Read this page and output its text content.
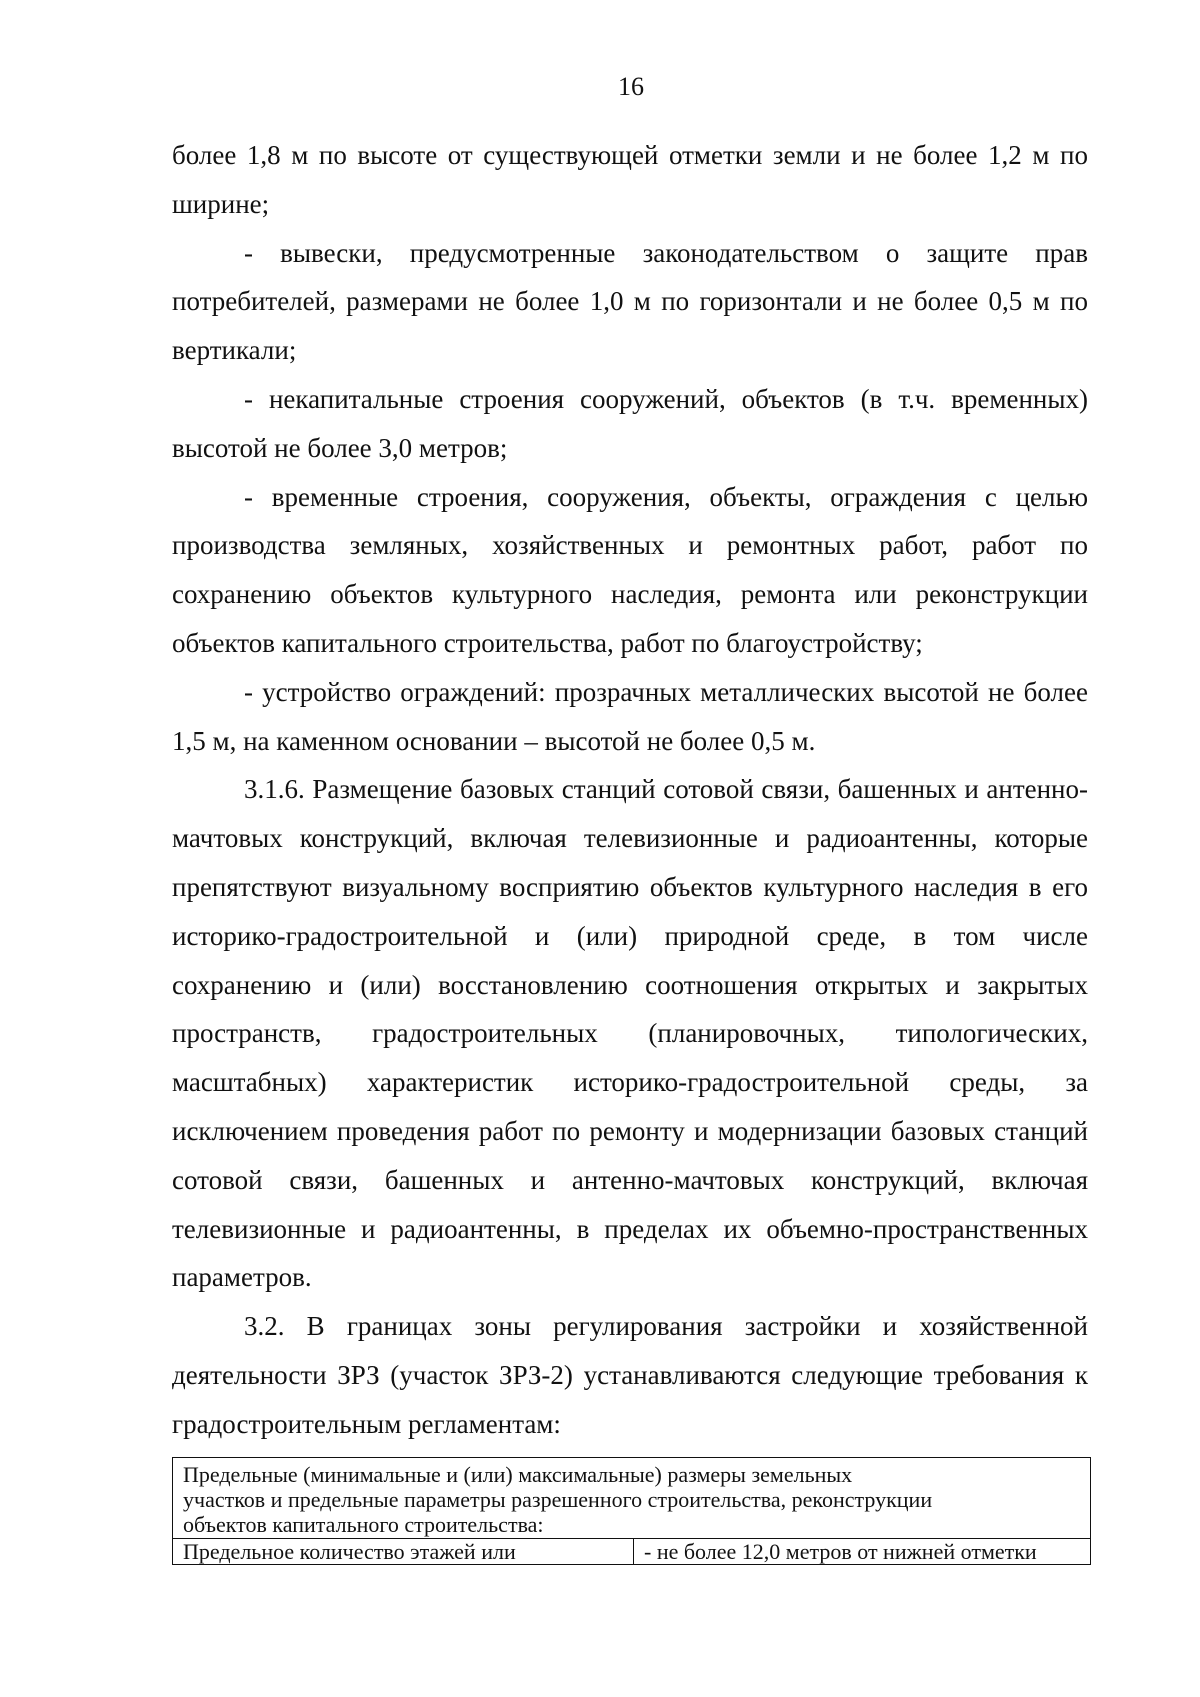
16

более 1,8 м по высоте от существующей отметки земли и не более 1,2 м по ширине;

- вывески, предусмотренные законодательством о защите прав потребителей, размерами не более 1,0 м по горизонтали и не более 0,5 м по вертикали;

- некапитальные строения сооружений, объектов (в т.ч. временных) высотой не более 3,0 метров;

- временные строения, сооружения, объекты, ограждения с целью производства земляных, хозяйственных и ремонтных работ, работ по сохранению объектов культурного наследия, ремонта или реконструкции объектов капитального строительства, работ по благоустройству;

- устройство ограждений: прозрачных металлических высотой не более 1,5 м, на каменном основании – высотой не более 0,5 м.

3.1.6. Размещение базовых станций сотовой связи, башенных и антенно-мачтовых конструкций, включая телевизионные и радиоантенны, которые препятствуют визуальному восприятию объектов культурного наследия в его историко-градостроительной и (или) природной среде, в том числе сохранению и (или) восстановлению соотношения открытых и закрытых пространств, градостроительных (планировочных, типологических, масштабных) характеристик историко-градостроительной среды, за исключением проведения работ по ремонту и модернизации базовых станций сотовой связи, башенных и антенно-мачтовых конструкций, включая телевизионные и радиоантенны, в пределах их объемно-пространственных параметров.

3.2. В границах зоны регулирования застройки и хозяйственной деятельности ЗРЗ (участок ЗРЗ-2) устанавливаются следующие требования к градостроительным регламентам:

Предельные (минимальные и (или) максимальные) размеры земельных
участков и предельные параметры разрешенного строительства, реконструкции
объектов капитального строительства:

Предельное количество этажей или	- не более 12,0 метров от нижней отметки
